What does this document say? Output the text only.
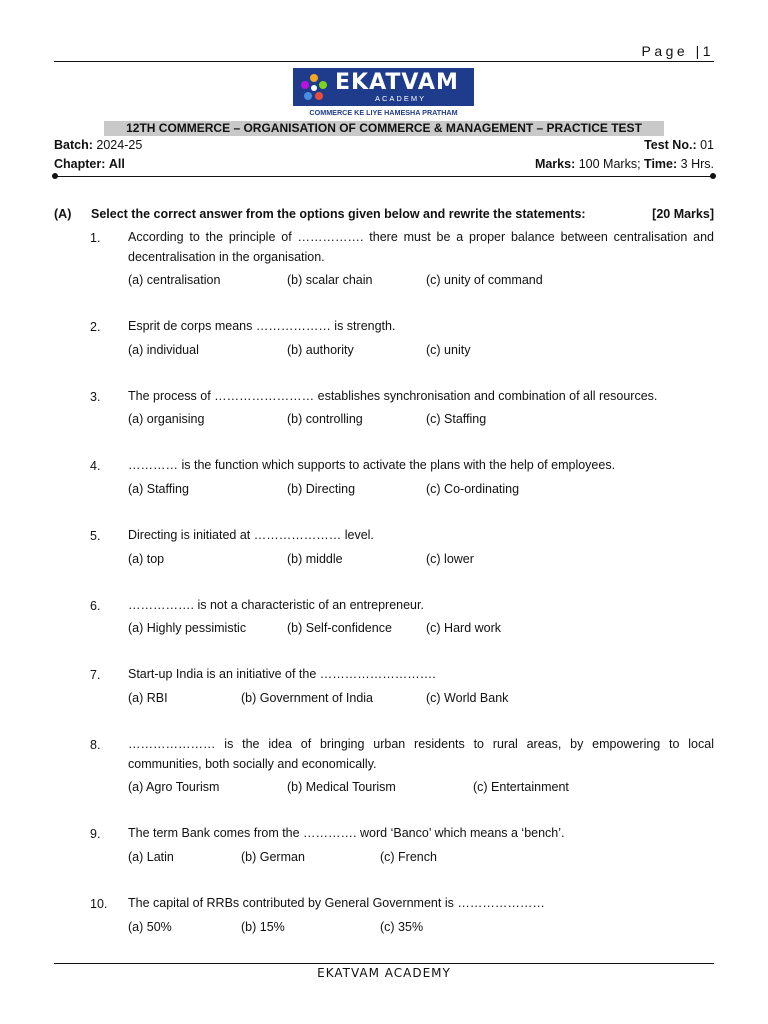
Page |1
EKATVAM
ACADEMY
COMMERCE KE LIYE HAMESHA PRATHAM
12TH COMMERCE – ORGANISATION OF COMMERCE & MANAGEMENT – PRACTICE TEST
Batch: 2024-25	Test No.: 01
Chapter: All	Marks: 100 Marks; Time: 3 Hrs.
(A) Select the correct answer from the options given below and rewrite the statements:	[20 Marks]
1. According to the principle of ……………. there must be a proper balance between centralisation and decentralisation in the organisation.
(a) centralisation	(b) scalar chain	(c) unity of command
2. Esprit de corps means ……………… is strength.
(a) individual	(b) authority	(c) unity
3. The process of …………………… establishes synchronisation and combination of all resources.
(a) organising	(b) controlling	(c) Staffing
4. ………… is the function which supports to activate the plans with the help of employees.
(a) Staffing	(b) Directing	(c) Co-ordinating
5. Directing is initiated at ………………… level.
(a) top	(b) middle	(c) lower
6. ……………. is not a characteristic of an entrepreneur.
(a) Highly pessimistic	(b) Self-confidence	(c) Hard work
7. Start-up India is an initiative of the ……………………….
(a) RBI	(b) Government of India	(c) World Bank
8. ………………… is the idea of bringing urban residents to rural areas, by empowering to local communities, both socially and economically.
(a) Agro Tourism	(b) Medical Tourism	(c) Entertainment
9. The term Bank comes from the …………. word ‘Banco’ which means a ‘bench’.
(a) Latin	(b) German	(c) French
10. The capital of RRBs contributed by General Government is …………………
(a) 50%	(b) 15%	(c) 35%
EKATVAM ACADEMY
